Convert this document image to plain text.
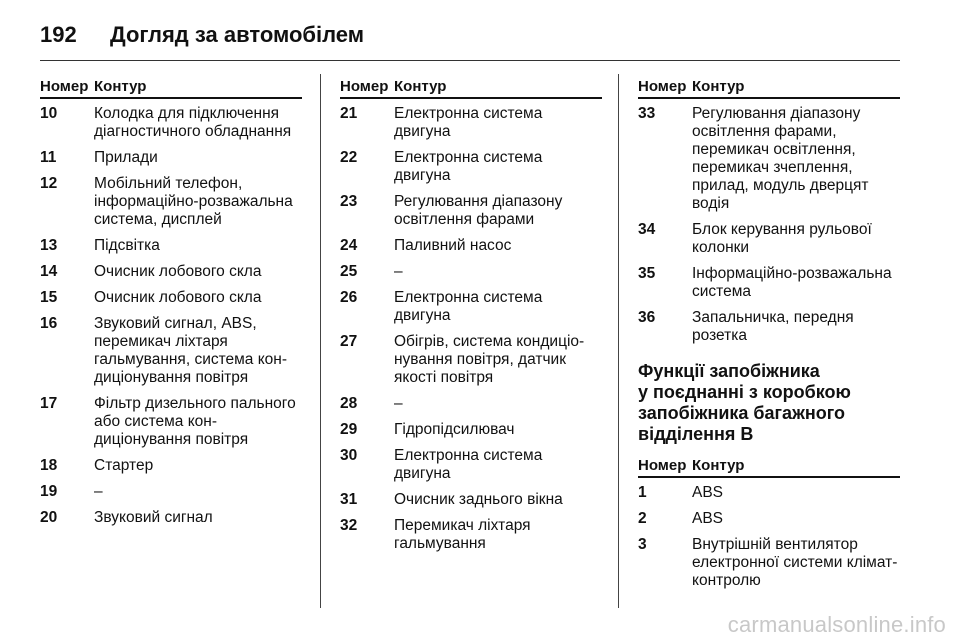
192 Догляд за автомобілем
Номер Контур
10	Колодка для підключення діагностичного обладнання
11	Прилади
12	Мобільний телефон, інформаційно-розважальна система, дисплей
13	Підсвітка
14	Очисник лобового скла
15	Очисник лобового скла
16	Звуковий сигнал, ABS, перемикач ліхтаря гальмування, система кон-диціонування повітря
17	Фільтр дизельного пального або система кон-диціонування повітря
18	Стартер
19	–
20	Звуковий сигнал
Номер Контур
21	Електронна система двигуна
22	Електронна система двигуна
23	Регулювання діапазону освітлення фарами
24	Паливний насос
25	–
26	Електронна система двигуна
27	Обігрів, система кондиціо-нування повітря, датчик якості повітря
28	–
29	Гідропідсилювач
30	Електронна система двигуна
31	Очисник заднього вікна
32	Перемикач ліхтаря гальмування
Номер Контур
33	Регулювання діапазону освітлення фарами, перемикач освітлення, перемикач зчеплення, прилад, модуль дверцят водія
34	Блок керування рульової колонки
35	Інформаційно-розважальна система
36	Запальничка, передня розетка
Функції запобіжника
у поєднанні з коробкою
запобіжника багажного
відділення B
Номер Контур
1	ABS
2	ABS
3	Внутрішній вентилятор електронної системи клімат-контролю
carmanualsonline.info
